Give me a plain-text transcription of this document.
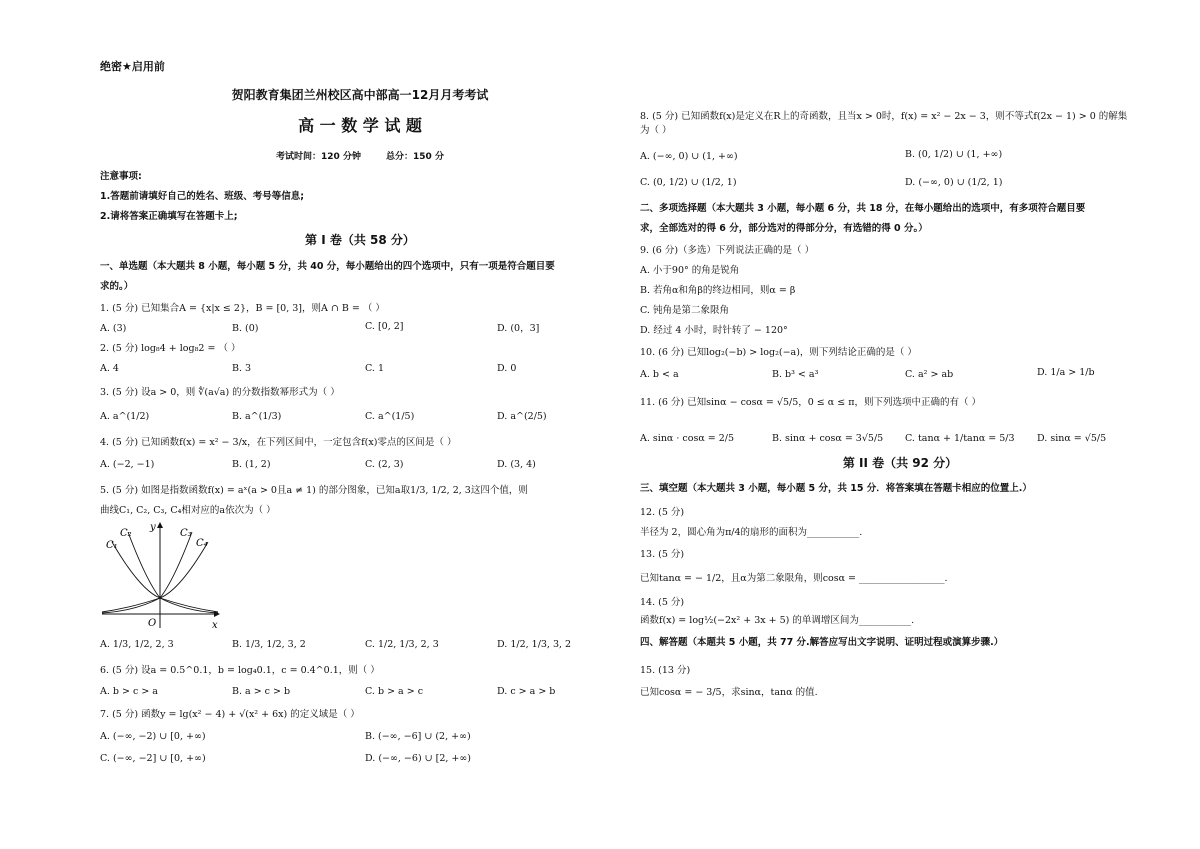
绝密★启用前
贺阳教育集团兰州校区高中部高一12月月考考试
高 一 数 学 试 题
考试时间：120 分钟        总分：150 分
注意事项:
1.答题前请填好自己的姓名、班级、考号等信息;
2.请将答案正确填写在答题卡上;
第 I 卷（共 58 分）
一、单选题（本大题共 8 小题，每小题 5 分，共 40 分，每小题给出的四个选项中，只有一项是符合题目要
求的。）
1. (5 分) 已知集合A = {x|x ≤ 2}，B = [0, 3]，则A ∩ B = （ ）
A. (3)	B. (0)	C. [0, 2]	D. (0，3]
2. (5 分) log₈4 + log₈2 = （ ）
A. 4	B. 3	C. 1	D. 0
3. (5 分) 设a > 0，则 ∜(a√a) 的分数指数幂形式为（ ）
A. a^(1/2)	B. a^(1/3)	C. a^(1/5)	D. a^(2/5)
4. (5 分) 已知函数f(x) = x² − 3/x，在下列区间中，一定包含f(x)零点的区间是（ ）
A. (−2, −1)	B. (1, 2)	C. (2, 3)	D. (3, 4)
5. (5 分) 如图是指数函数f(x) = aˣ(a > 0且a ≠ 1) 的部分图象，已知a取1/3, 1/2, 2, 3这四个值，则
曲线C₁, C₂, C₃, C₄相对应的a依次为（ ）
C₁
C₂	C₃
C₄
y
x
O
A. 1/3, 1/2, 2, 3	B. 1/3, 1/2, 3, 2	C. 1/2, 1/3, 2, 3	D. 1/2, 1/3, 3, 2
6. (5 分) 设a = 0.5^0.1，b = log₄0.1，c = 0.4^0.1，则（ ）
A. b > c > a	B. a > c > b	C. b > a > c	D. c > a > b
7. (5 分) 函数y = lg(x² − 4) + √(x² + 6x) 的定义域是（ ）
A. (−∞, −2) ∪ [0, +∞)	B. (−∞, −6] ∪ (2, +∞)
C. (−∞, −2] ∪ [0, +∞)	D. (−∞, −6) ∪ [2, +∞)
8. (5 分) 已知函数f(x)是定义在R上的奇函数，且当x > 0时，f(x) = x² − 2x − 3，则不等式f(2x − 1) > 0 的解集
为（ ）
A. (−∞, 0) ∪ (1, +∞)	B. (0, 1/2) ∪ (1, +∞)
C. (0, 1/2) ∪ (1/2, 1)	D. (−∞, 0) ∪ (1/2, 1)
二、多项选择题（本大题共 3 小题，每小题 6 分，共 18 分，在每小题给出的选项中，有多项符合题目要
求，全部选对的得 6 分，部分选对的得部分分，有选错的得 0 分。）
9. (6 分)（多选）下列说法正确的是（ ）
A. 小于90° 的角是锐角
B. 若角α和角β的终边相同，则α = β
C. 钝角是第二象限角
D. 经过 4 小时，时针转了 − 120°
10. (6 分) 已知log₂(−b) > log₂(−a)，则下列结论正确的是（ ）
A. b < a	B. b³ < a³	C. a² > ab	D. 1/a > 1/b
11. (6 分) 已知sinα − cosα = √5/5，0 ≤ α ≤ π，则下列选项中正确的有（ ）
A. sinα · cosα = 2/5	B. sinα + cosα = 3√5/5 C. tanα + 1/tanα = 5/3 D. sinα = √5/5
第 II 卷（共 92 分）
三、填空题（本大题共 3 小题，每小题 5 分，共 15 分．将答案填在答题卡相应的位置上.）
12. (5 分)
半径为 2，圆心角为π/4的扇形的面积为___________.
13. (5 分)
已知tanα = − 1/2，且α为第二象限角，则cosα = __________________.
14. (5 分)
函数f(x) = log½(−2x² + 3x + 5) 的单调增区间为___________.
四、解答题（本题共 5 小题，共 77 分.解答应写出文字说明、证明过程或演算步骤.）
15. (13 分)
已知cosα = − 3/5，求sinα，tanα 的值.
